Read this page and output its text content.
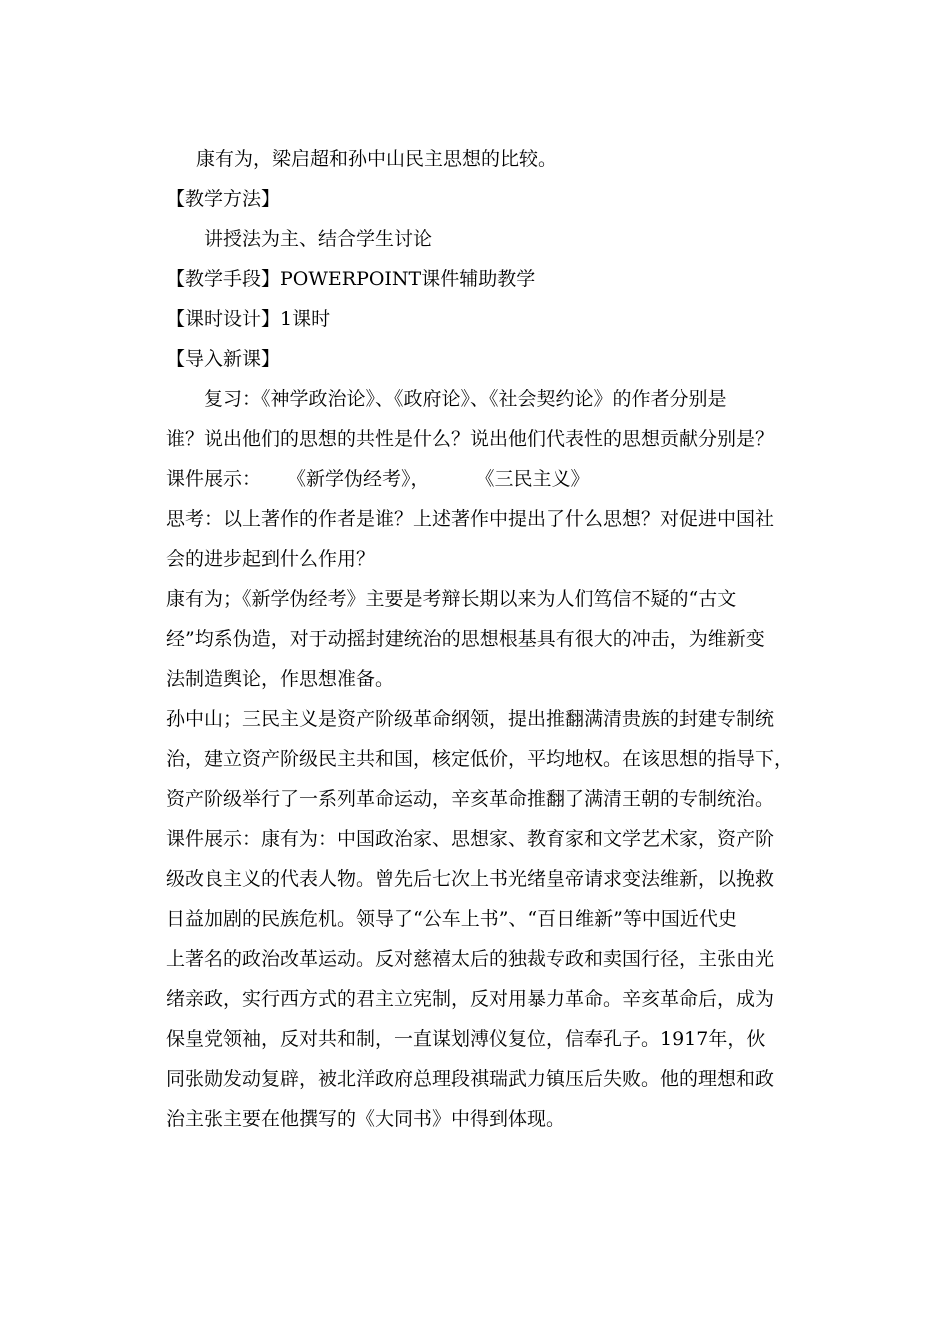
康有为，梁启超和孙中山民主思想的比较。
【教学方法】
讲授法为主、结合学生讨论
【教学手段】POWERPOINT课件辅助教学
【课时设计】1课时
【导入新课】
复习：《神学政治论》、《政府论》、《社会契约论》的作者分别是
谁？说出他们的思想的共性是什么？说出他们代表性的思想贡献分别是？
课件展示： 《新学伪经考》， 《三民主义》
思考：以上著作的作者是谁？上述著作中提出了什么思想？对促进中国社
会的进步起到什么作用？
康有为；《新学伪经考》主要是考辩长期以来为人们笃信不疑的“古文
经”均系伪造，对于动摇封建统治的思想根基具有很大的冲击，为维新变
法制造舆论，作思想准备。
孙中山；三民主义是资产阶级革命纲领，提出推翻满清贵族的封建专制统
治，建立资产阶级民主共和国，核定低价，平均地权。在该思想的指导下，
资产阶级举行了一系列革命运动，辛亥革命推翻了满清王朝的专制统治。
课件展示：康有为：中国政治家、思想家、教育家和文学艺术家，资产阶
级改良主义的代表人物。曾先后七次上书光绪皇帝请求变法维新，以挽救
日益加剧的民族危机。领导了“公车上书”、“百日维新”等中国近代史
上著名的政治改革运动。反对慈禧太后的独裁专政和卖国行径，主张由光
绪亲政，实行西方式的君主立宪制，反对用暴力革命。辛亥革命后，成为
保皇党领袖，反对共和制，一直谋划溥仪复位，信奉孔子。1917年，伙
同张勋发动复辟，被北洋政府总理段祺瑞武力镇压后失败。他的理想和政
治主张主要在他撰写的《大同书》中得到体现。
